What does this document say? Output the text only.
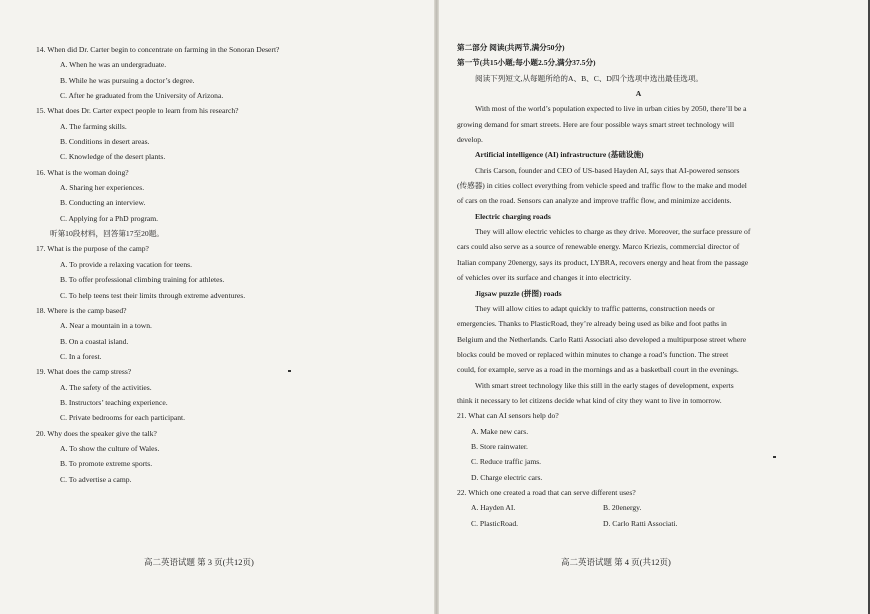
14. When did Dr. Carter begin to concentrate on farming in the Sonoran Desert?
A. When he was an undergraduate.
B. While he was pursuing a doctor’s degree.
C. After he graduated from the University of Arizona.
15. What does Dr. Carter expect people to learn from his research?
A. The farming skills.
B. Conditions in desert areas.
C. Knowledge of the desert plants.
16. What is the woman doing?
A. Sharing her experiences.
B. Conducting an interview.
C. Applying for a PhD program.
听第10段材料，回答第17至20题。
17. What is the purpose of the camp?
A. To provide a relaxing vacation for teens.
B. To offer professional climbing training for athletes.
C. To help teens test their limits through extreme adventures.
18. Where is the camp based?
A. Near a mountain in a town.
B. On a coastal island.
C. In a forest.
19. What does the camp stress?
A. The safety of the activities.
B. Instructors’ teaching experience.
C. Private bedrooms for each participant.
20. Why does the speaker give the talk?
A. To show the culture of Wales.
B. To promote extreme sports.
C. To advertise a camp.
高二英语试题 第 3 页(共12页)
第二部分 阅读(共两节,满分50分)
第一节(共15小题;每小题2.5分,满分37.5分)
阅读下列短文,从每题所给的A、B、C、D四个选项中选出最佳选项。
A
With most of the world’s population expected to live in urban cities by 2050, there’ll be a
growing demand for smart streets. Here are four possible ways smart street technology will
develop.
Artificial intelligence (AI) infrastructure (基础设施)
Chris Carson, founder and CEO of US-based Hayden AI, says that AI-powered sensors
(传感器) in cities collect everything from vehicle speed and traffic flow to the make and model
of cars on the road. Sensors can analyze and improve traffic flow, and minimize accidents.
Electric charging roads
They will allow electric vehicles to charge as they drive. Moreover, the surface pressure of
cars could also serve as a source of renewable energy. Marco Kriezis, commercial director of
Italian company 20energy, says its product, LYBRA, recovers energy and heat from the passage
of vehicles over its surface and changes it into electricity.
Jigsaw puzzle (拼图) roads
They will allow cities to adapt quickly to traffic patterns, construction needs or
emergencies. Thanks to PlasticRoad, they’re already being used as bike and foot paths in
Belgium and the Netherlands. Carlo Ratti Associati also developed a multipurpose street where
blocks could be moved or replaced within minutes to change a road’s function. The street
could, for example, serve as a road in the mornings and as a basketball court in the evenings.
With smart street technology like this still in the early stages of development, experts
think it necessary to let citizens decide what kind of city they want to live in tomorrow.
21. What can AI sensors help do?
A. Make new cars.
B. Store rainwater.
C. Reduce traffic jams.
D. Charge electric cars.
22. Which one created a road that can serve different uses?
A. Hayden AI.	B. 20energy.
C. PlasticRoad.	D. Carlo Ratti Associati.
高二英语试题 第 4 页(共12页)
